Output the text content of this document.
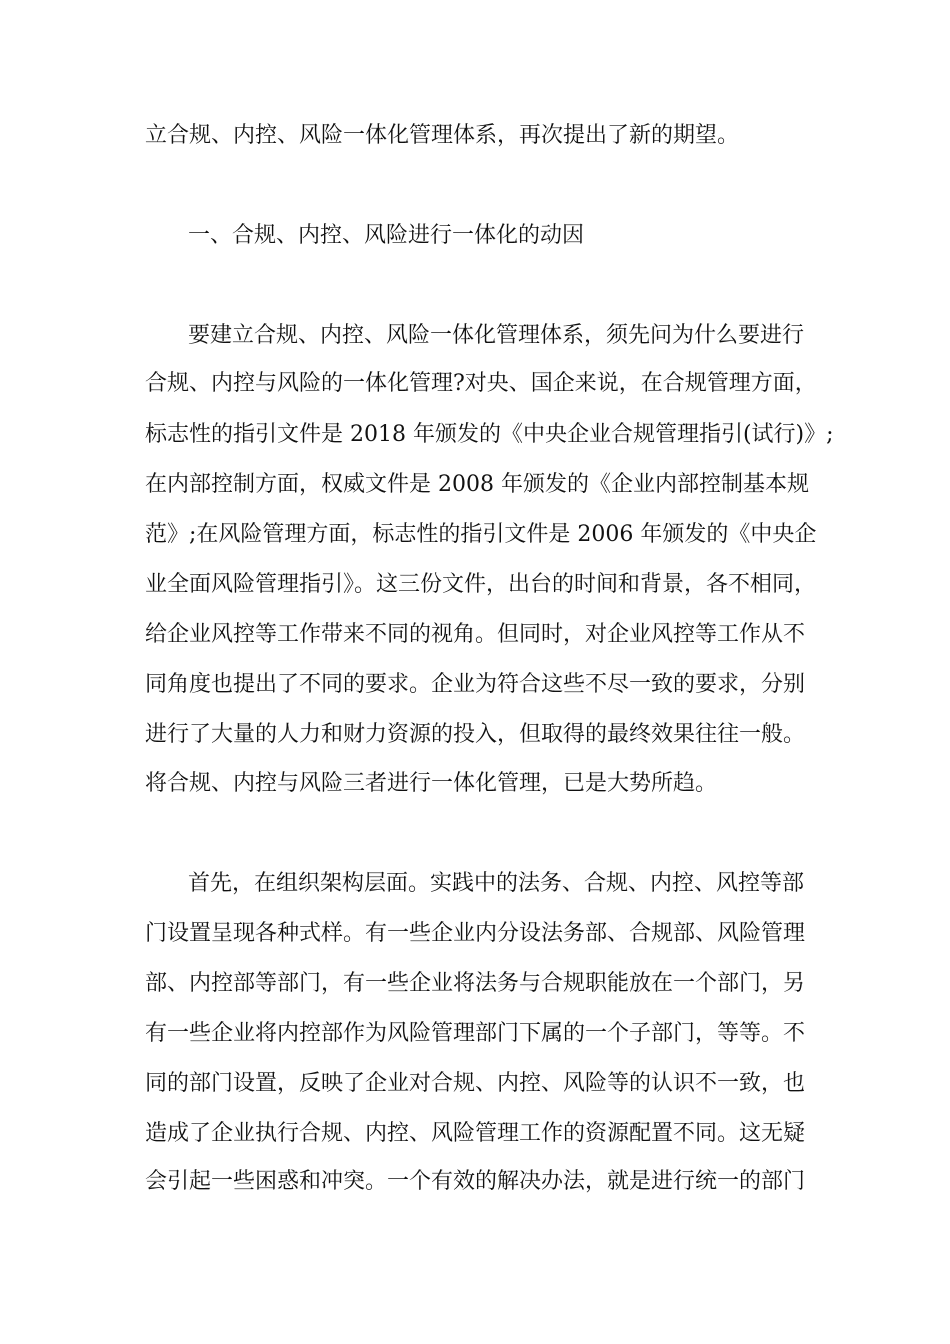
立合规、内控、风险一体化管理体系，再次提出了新的期望。
一、合规、内控、风险进行一体化的动因
要建立合规、内控、风险一体化管理体系，须先问为什么要进行
合规、内控与风险的一体化管理?对央、国企来说，在合规管理方面，
标志性的指引文件是 2018 年颁发的《中央企业合规管理指引(试行)》;
在内部控制方面，权威文件是 2008 年颁发的《企业内部控制基本规
范》;在风险管理方面，标志性的指引文件是 2006 年颁发的《中央企
业全面风险管理指引》。这三份文件，出台的时间和背景，各不相同，
给企业风控等工作带来不同的视角。但同时，对企业风控等工作从不
同角度也提出了不同的要求。企业为符合这些不尽一致的要求，分别
进行了大量的人力和财力资源的投入，但取得的最终效果往往一般。
将合规、内控与风险三者进行一体化管理，已是大势所趋。
首先，在组织架构层面。实践中的法务、合规、内控、风控等部
门设置呈现各种式样。有一些企业内分设法务部、合规部、风险管理
部、内控部等部门，有一些企业将法务与合规职能放在一个部门，另
有一些企业将内控部作为风险管理部门下属的一个子部门，等等。不
同的部门设置，反映了企业对合规、内控、风险等的认识不一致，也
造成了企业执行合规、内控、风险管理工作的资源配置不同。这无疑
会引起一些困惑和冲突。一个有效的解决办法，就是进行统一的部门
